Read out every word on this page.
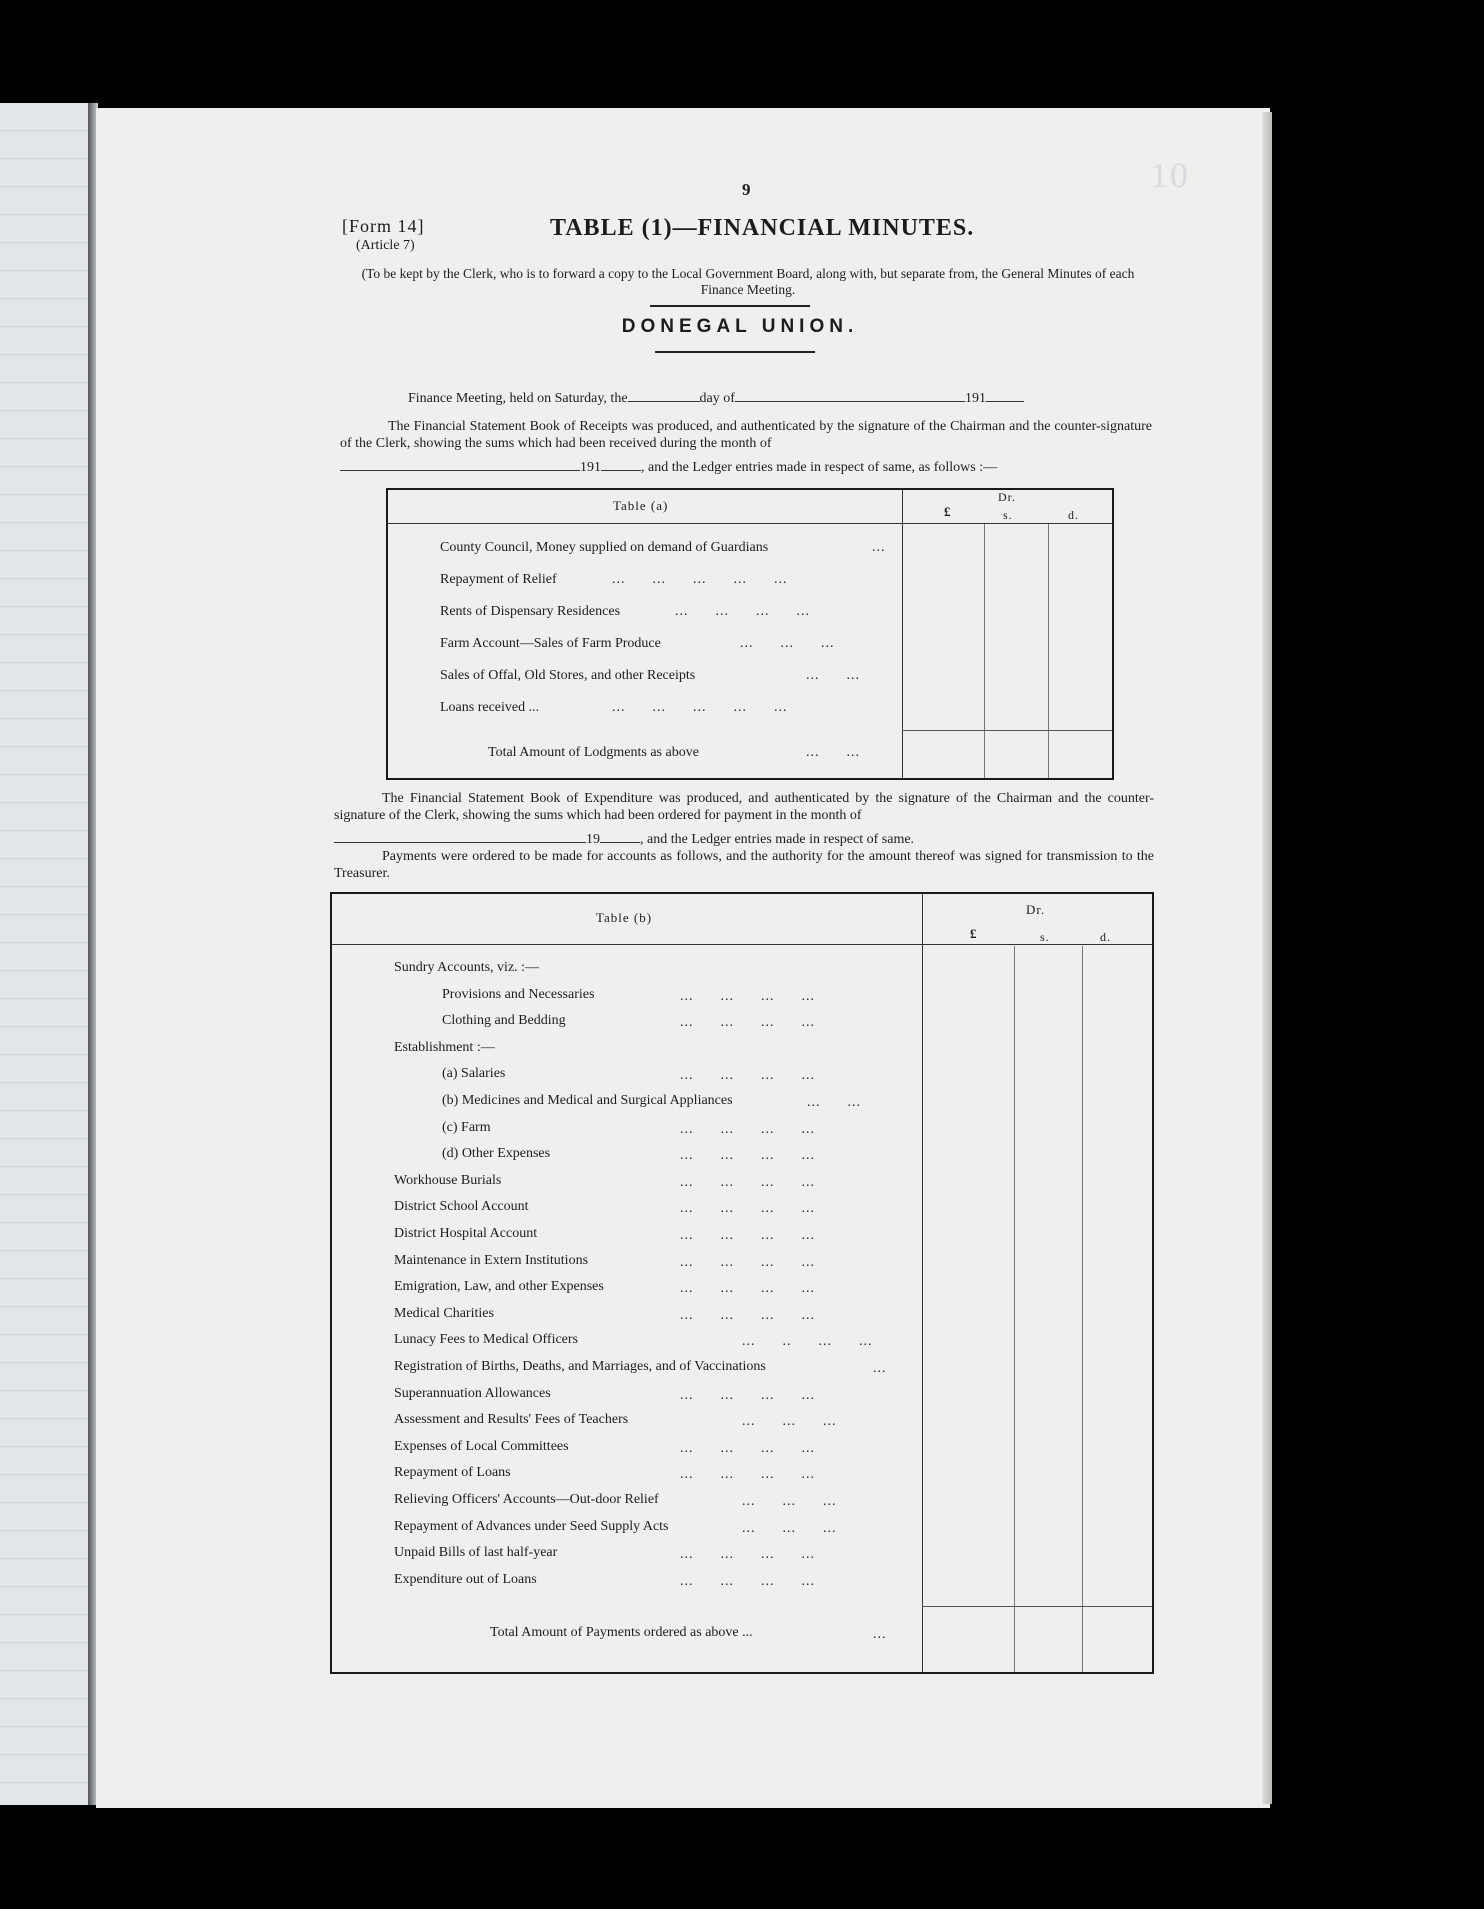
9	10
[Form 14]
(Article 7)
TABLE (1)—FINANCIAL MINUTES.
(To be kept by the Clerk, who is to forward a copy to the Local Government Board, along with, but separate from, the General Minutes of each Finance Meeting.
DONEGAL UNION.
Finance Meeting, held on Saturday, the	day of	191
The Financial Statement Book of Receipts was produced, and authenticated by the signature of the Chairman and the counter-signature of the Clerk, showing the sums which had been received during the month of
191	, and the Ledger entries made in respect of same, as follows :—
Table (a)
Dr.
£	s.	d.
County Council, Money supplied on demand of Guardians	...
Repayment of Relief	...      ...      ...      ...      ...
Rents of Dispensary Residences	...      ...      ...      ...
Farm Account—Sales of Farm Produce	...      ...      ...
Sales of Offal, Old Stores, and other Receipts	...      ...
Loans received ...	...      ...      ...      ...      ...
Total Amount of Lodgments as above	...      ...
The Financial Statement Book of Expenditure was produced, and authenticated by the signature of the Chairman and the counter-signature of the Clerk, showing the sums which had been ordered for payment in the month of
19	, and the Ledger entries made in respect of same.
Payments were ordered to be made for accounts as follows, and the authority for the amount thereof was signed for transmission to the Treasurer.
Table (b)
Dr.
£	s.	d.
Sundry Accounts, viz. :—
Provisions and Necessaries	...      ...      ...      ...
Clothing and Bedding	...      ...      ...      ...
Establishment :—
(a) Salaries	...      ...      ...      ...
(b) Medicines and Medical and Surgical Appliances	...      ...
(c) Farm	...      ...      ...      ...
(d) Other Expenses	...      ...      ...      ...
Workhouse Burials	...      ...      ...      ...
District School Account	...      ...      ...      ...
District Hospital Account	...      ...      ...      ...
Maintenance in Extern Institutions	...      ...      ...      ...
Emigration, Law, and other Expenses	...      ...      ...      ...
Medical Charities	...      ...      ...      ...
Lunacy Fees to Medical Officers	...      ..      ...      ...
Registration of Births, Deaths, and Marriages, and of Vaccinations	...
Superannuation Allowances	...      ...      ...      ...
Assessment and Results' Fees of Teachers	...      ...      ...
Expenses of Local Committees	...      ...      ...      ...
Repayment of Loans	...      ...      ...      ...
Relieving Officers' Accounts—Out-door Relief	...      ...      ...
Repayment of Advances under Seed Supply Acts	...      ...      ...
Unpaid Bills of last half-year	...      ...      ...      ...
Expenditure out of Loans	...      ...      ...      ...
Total Amount of Payments ordered as above ...	...
